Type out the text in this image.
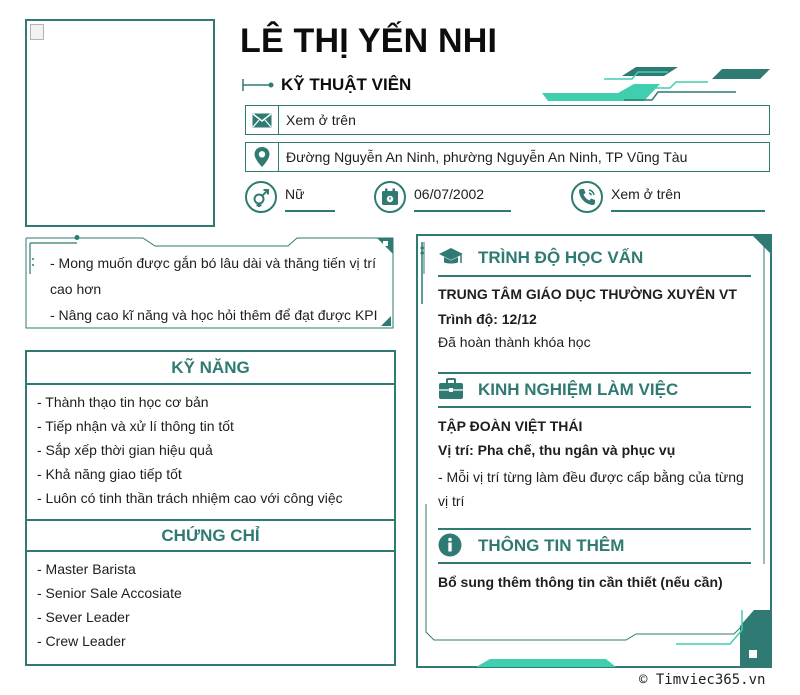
LÊ THỊ YẾN NHI
KỸ THUẬT VIÊN
Xem ở trên
Đường Nguyễn An Ninh, phường Nguyễn An Ninh, TP Vũng Tàu
Nữ	06/07/2002	Xem ở trên
- Mong muốn được gắn bó lâu dài và thăng tiến vị trí cao hơn
- Nâng cao kĩ năng và học hỏi thêm để đạt được KPI
KỸ NĂNG
- Thành thạo tin học cơ bản
- Tiếp nhận và xử lí thông tin tốt
- Sắp xếp thời gian hiệu quả
- Khả năng giao tiếp tốt
- Luôn có tinh thần trách nhiệm cao với công việc
CHỨNG CHỈ
- Master Barista
- Senior Sale Accosiate
- Sever Leader
- Crew Leader
TRÌNH ĐỘ HỌC VẤN
TRUNG TÂM GIÁO DỤC THƯỜNG XUYÊN VT
Trình độ: 12/12
Đã hoàn thành khóa học
KINH NGHIỆM LÀM VIỆC
TẬP ĐOÀN VIỆT THÁI
Vị trí: Pha chế, thu ngân và phục vụ
- Mỗi vị trí từng làm đều được cấp bằng của từng vị trí
THÔNG TIN THÊM
Bổ sung thêm thông tin cần thiết (nếu cần)
© Timviec365.vn
